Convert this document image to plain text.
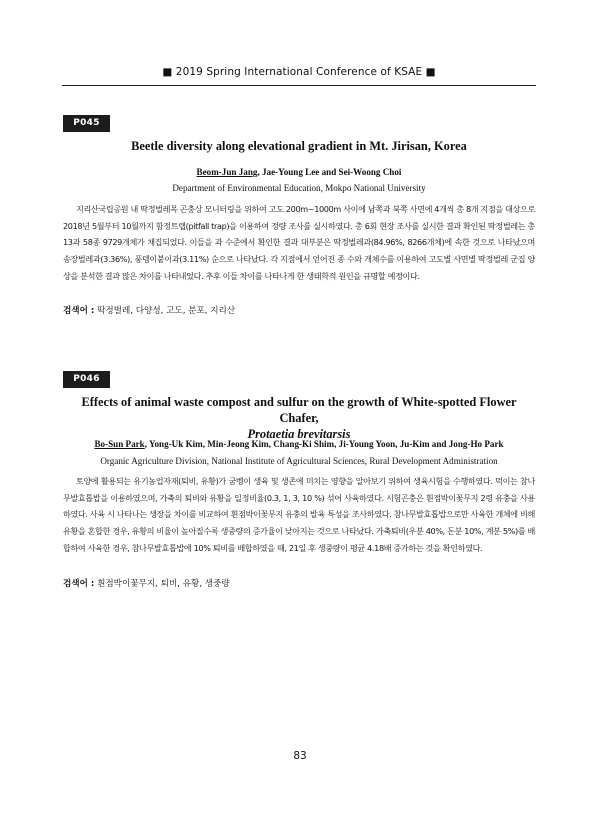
■ 2019 Spring International Conference of KSAE ■
P045
Beetle diversity along elevational gradient in Mt. Jirisan, Korea
Beom-Jun Jang, Jae-Young Lee and Sei-Woong Choi
Department of Environmental Education, Mokpo National University
지리산국립공원 내 딱정벌레목 곤충상 모니터링을 위하여 고도 200m~1000m 사이에 남쪽과 북쪽 사면에 4개씩 총 8개 지점을 대상으로 2018년 5월부터 10월까지 함정트랩(pitfall trap)을 이용하여 정량 조사를 실시하였다. 총 6회 현장 조사를 실시한 결과 확인된 딱정벌레는 총 13과 58종 9729개체가 채집되었다. 이들을 과 수준에서 확인한 결과 대부분은 딱정벌레과(84.96%, 8266개체)에 속한 것으로 나타났으며 송장벌레과(3.36%), 풍뎅이붙이과(3.11%) 순으로 나타났다. 각 지점에서 얻어진 종 수와 개체수를 이용하여 고도별 사면별 딱정벌레 군집 양상을 분석한 결과 많은 차이를 나타내었다. 추후 이들 차이를 나타나게 한 생태학적 원인을 규명할 예정이다.
검색어 : 딱정벌레, 다양성, 고도, 분포, 지리산
P046
Effects of animal waste compost and sulfur on the growth of White-spotted Flower Chafer,
Protaetia brevitarsis
Bo-Sun Park, Yong-Uk Kim, Min-Jeong Kim, Chang-Ki Shim, Ji-Young Yoon, Ju-Kim and Jong-Ho Park
Organic Agriculture Division, National Institute of Agricultural Sciences, Rural Development Administration
토양에 활용되는 유기농업자재(퇴비, 유황)가 굼벵이 생육 및 생존에 미치는 영향을 알아보기 위하여 생육시험을 수행하였다. 먹이는 참나무발효톱밥을 이용하였으며, 가축의 퇴비와 유황을 일정비율(0.3, 1, 3, 10 %) 섞어 사육하였다. 시험곤충은 흰점박이꽃무지 2령 유충을 사용하였다. 사육 시 나타나는 생장을 차이를 비교하여 흰점박이꽃무지 유충의 발육 특성을 조사하였다. 참나무발효톱밥으로만 사육한 개체에 비해 유황을 혼합한 경우, 유황의 비율이 높아질수록 생중량의 증가율이 낮아지는 것으로 나타났다. 가축퇴비(우분 40%, 돈분 10%, 계분 5%)를 배합하여 사육한 경우, 참나무발효톱밥에 10% 퇴비를 배합하였을 때, 21일 후 생중량이 평균 4.18배 증가하는 것을 확인하였다.
검색어 : 흰점박이꽃무지, 퇴비, 유황, 생중량
83
